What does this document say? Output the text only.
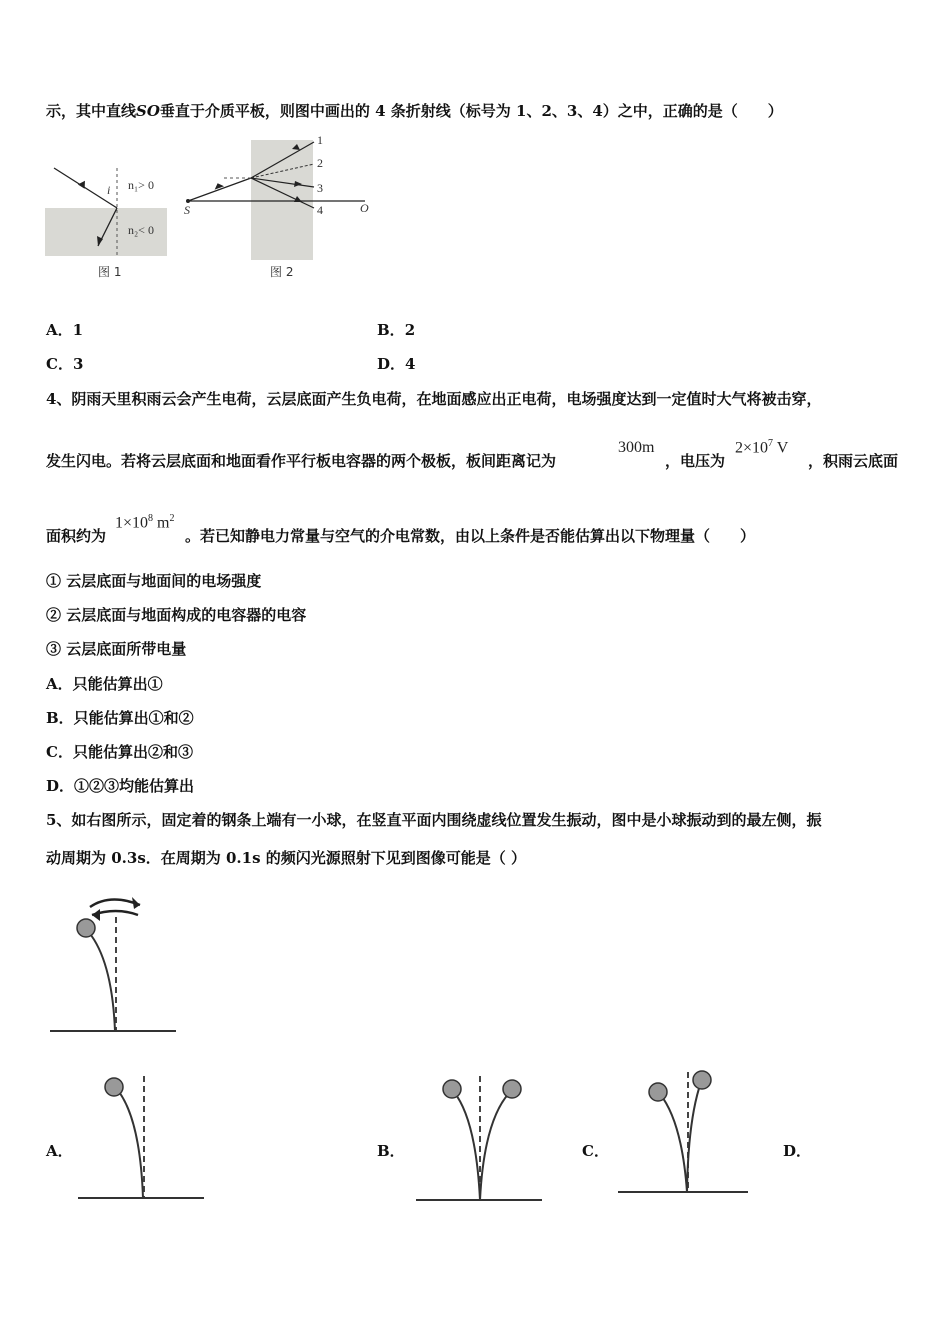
示，其中直线SO垂直于介质平板，则图中画出的 4 条折射线（标号为 1、2、3、4）之中，正确的是（　　）
i n₁> 0
n₂< 0
图 1
1
2
3
4
S	O
图 2
A．1	B．2
C．3	D．4
4、阴雨天里积雨云会产生电荷，云层底面产生负电荷，在地面感应出正电荷，电场强度达到一定值时大气将被击穿，
发生闪电。若将云层底面和地面看作平行板电容器的两个极板，板间距离记为
300m
，电压为
$2\times 10^7$ V
，积雨云底面
面积约为
$1\times 10^8$ $m^2$
。若已知静电力常量与空气的介电常数，由以上条件是否能估算出以下物理量（　　）
① 云层底面与地面间的电场强度
② 云层底面与地面构成的电容器的电容
③ 云层底面所带电量
A．只能估算出①
B．只能估算出①和②
C．只能估算出②和③
D．①②③均能估算出
5、如右图所示，固定着的钢条上端有一小球，在竖直平面内围绕虚线位置发生振动，图中是小球振动到的最左侧，振
动周期为 0.3s．在周期为 0.1s 的频闪光源照射下见到图像可能是（ ）
A．	B．	C．	D．
